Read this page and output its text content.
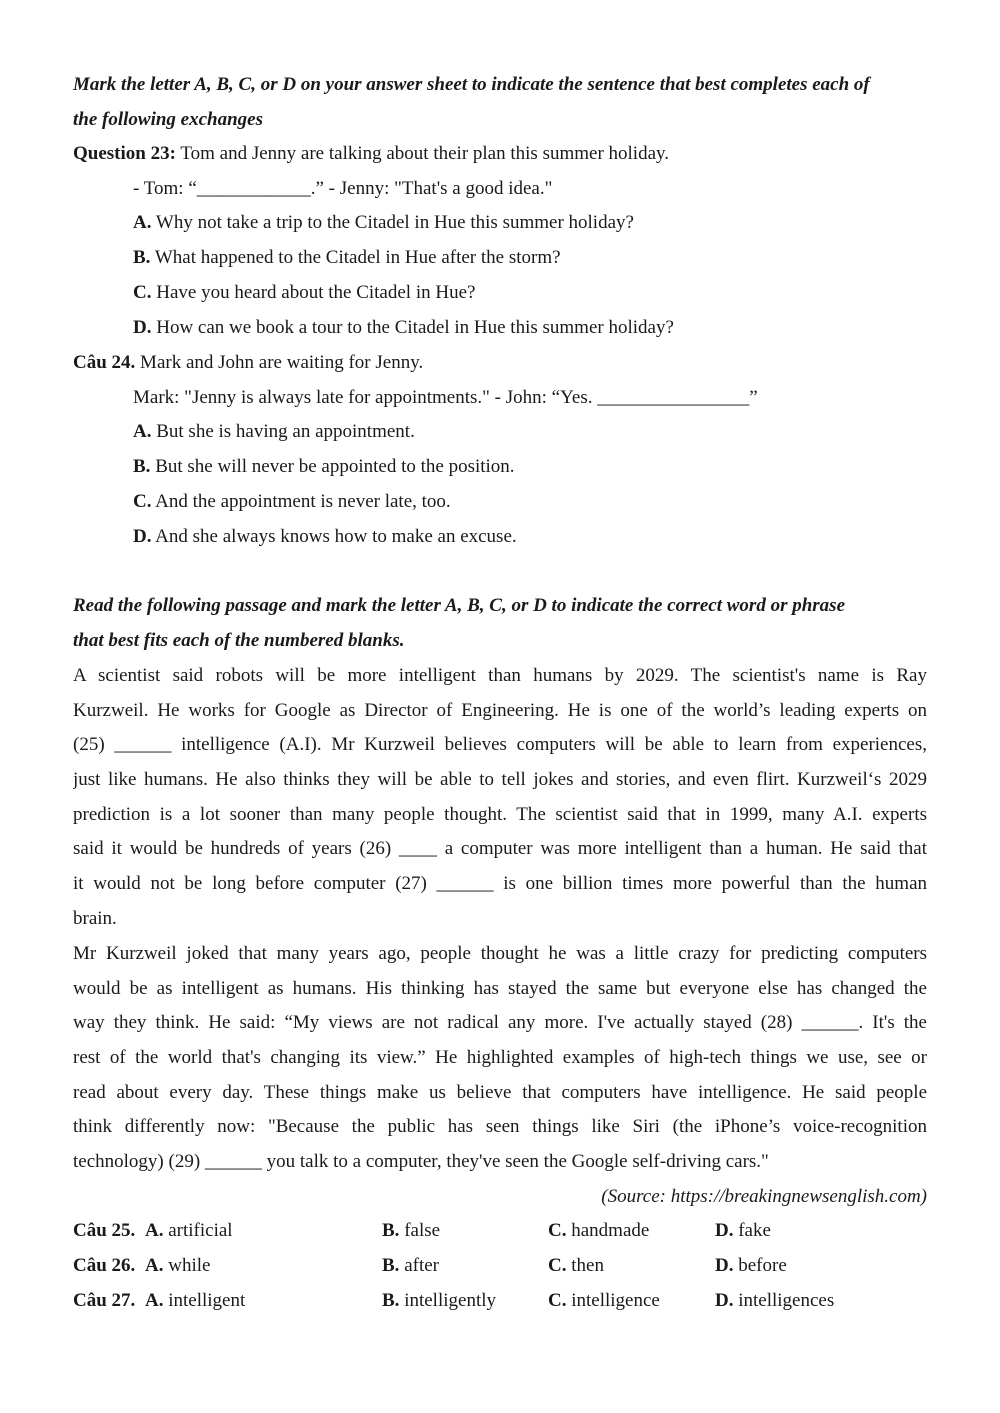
Mark the letter A, B, C, or D on your answer sheet to indicate the sentence that best completes each of
the following exchanges
Question 23: Tom and Jenny are talking about their plan this summer holiday.
- Tom: “____________.” - Jenny: "That's a good idea."
A. Why not take a trip to the Citadel in Hue this summer holiday?
B. What happened to the Citadel in Hue after the storm?
C. Have you heard about the Citadel in Hue?
D. How can we book a tour to the Citadel in Hue this summer holiday?
Câu 24. Mark and John are waiting for Jenny.
Mark: "Jenny is always late for appointments." - John: “Yes. ________________”
A. But she is having an appointment.
B. But she will never be appointed to the position.
C. And the appointment is never late, too.
D. And she always knows how to make an excuse.
Read the following passage and mark the letter A, B, C, or D to indicate the correct word or phrase
that best fits each of the numbered blanks.
A scientist said robots will be more intelligent than humans by 2029. The scientist's name is Ray
Kurzweil. He works for Google as Director of Engineering. He is one of the world’s leading experts on
(25) ______ intelligence (A.I). Mr Kurzweil believes computers will be able to learn from experiences,
just like humans. He also thinks they will be able to tell jokes and stories, and even flirt. Kurzweil‘s 2029
prediction is a lot sooner than many people thought. The scientist said that in 1999, many A.I. experts
said it would be hundreds of years (26) ____ a computer was more intelligent than a human. He said that
it would not be long before computer (27) ______ is one billion times more powerful than the human
brain.
Mr Kurzweil joked that many years ago, people thought he was a little crazy for predicting computers
would be as intelligent as humans. His thinking has stayed the same but everyone else has changed the
way they think. He said: “My views are not radical any more. I've actually stayed (28) ______. It's the
rest of the world that's changing its view.” He highlighted examples of high-tech things we use, see or
read about every day. These things make us believe that computers have intelligence. He said people
think differently now: "Because the public has seen things like Siri (the iPhone’s voice-recognition
technology) (29) ______ you talk to a computer, they've seen the Google self-driving cars."
(Source: https://breakingnewsenglish.com)
Câu 25. A. artificial	B. false	C. handmade	D. fake
Câu 26. A. while	B. after	C. then	D. before
Câu 27. A. intelligent	B. intelligently	C. intelligence	D. intelligences
